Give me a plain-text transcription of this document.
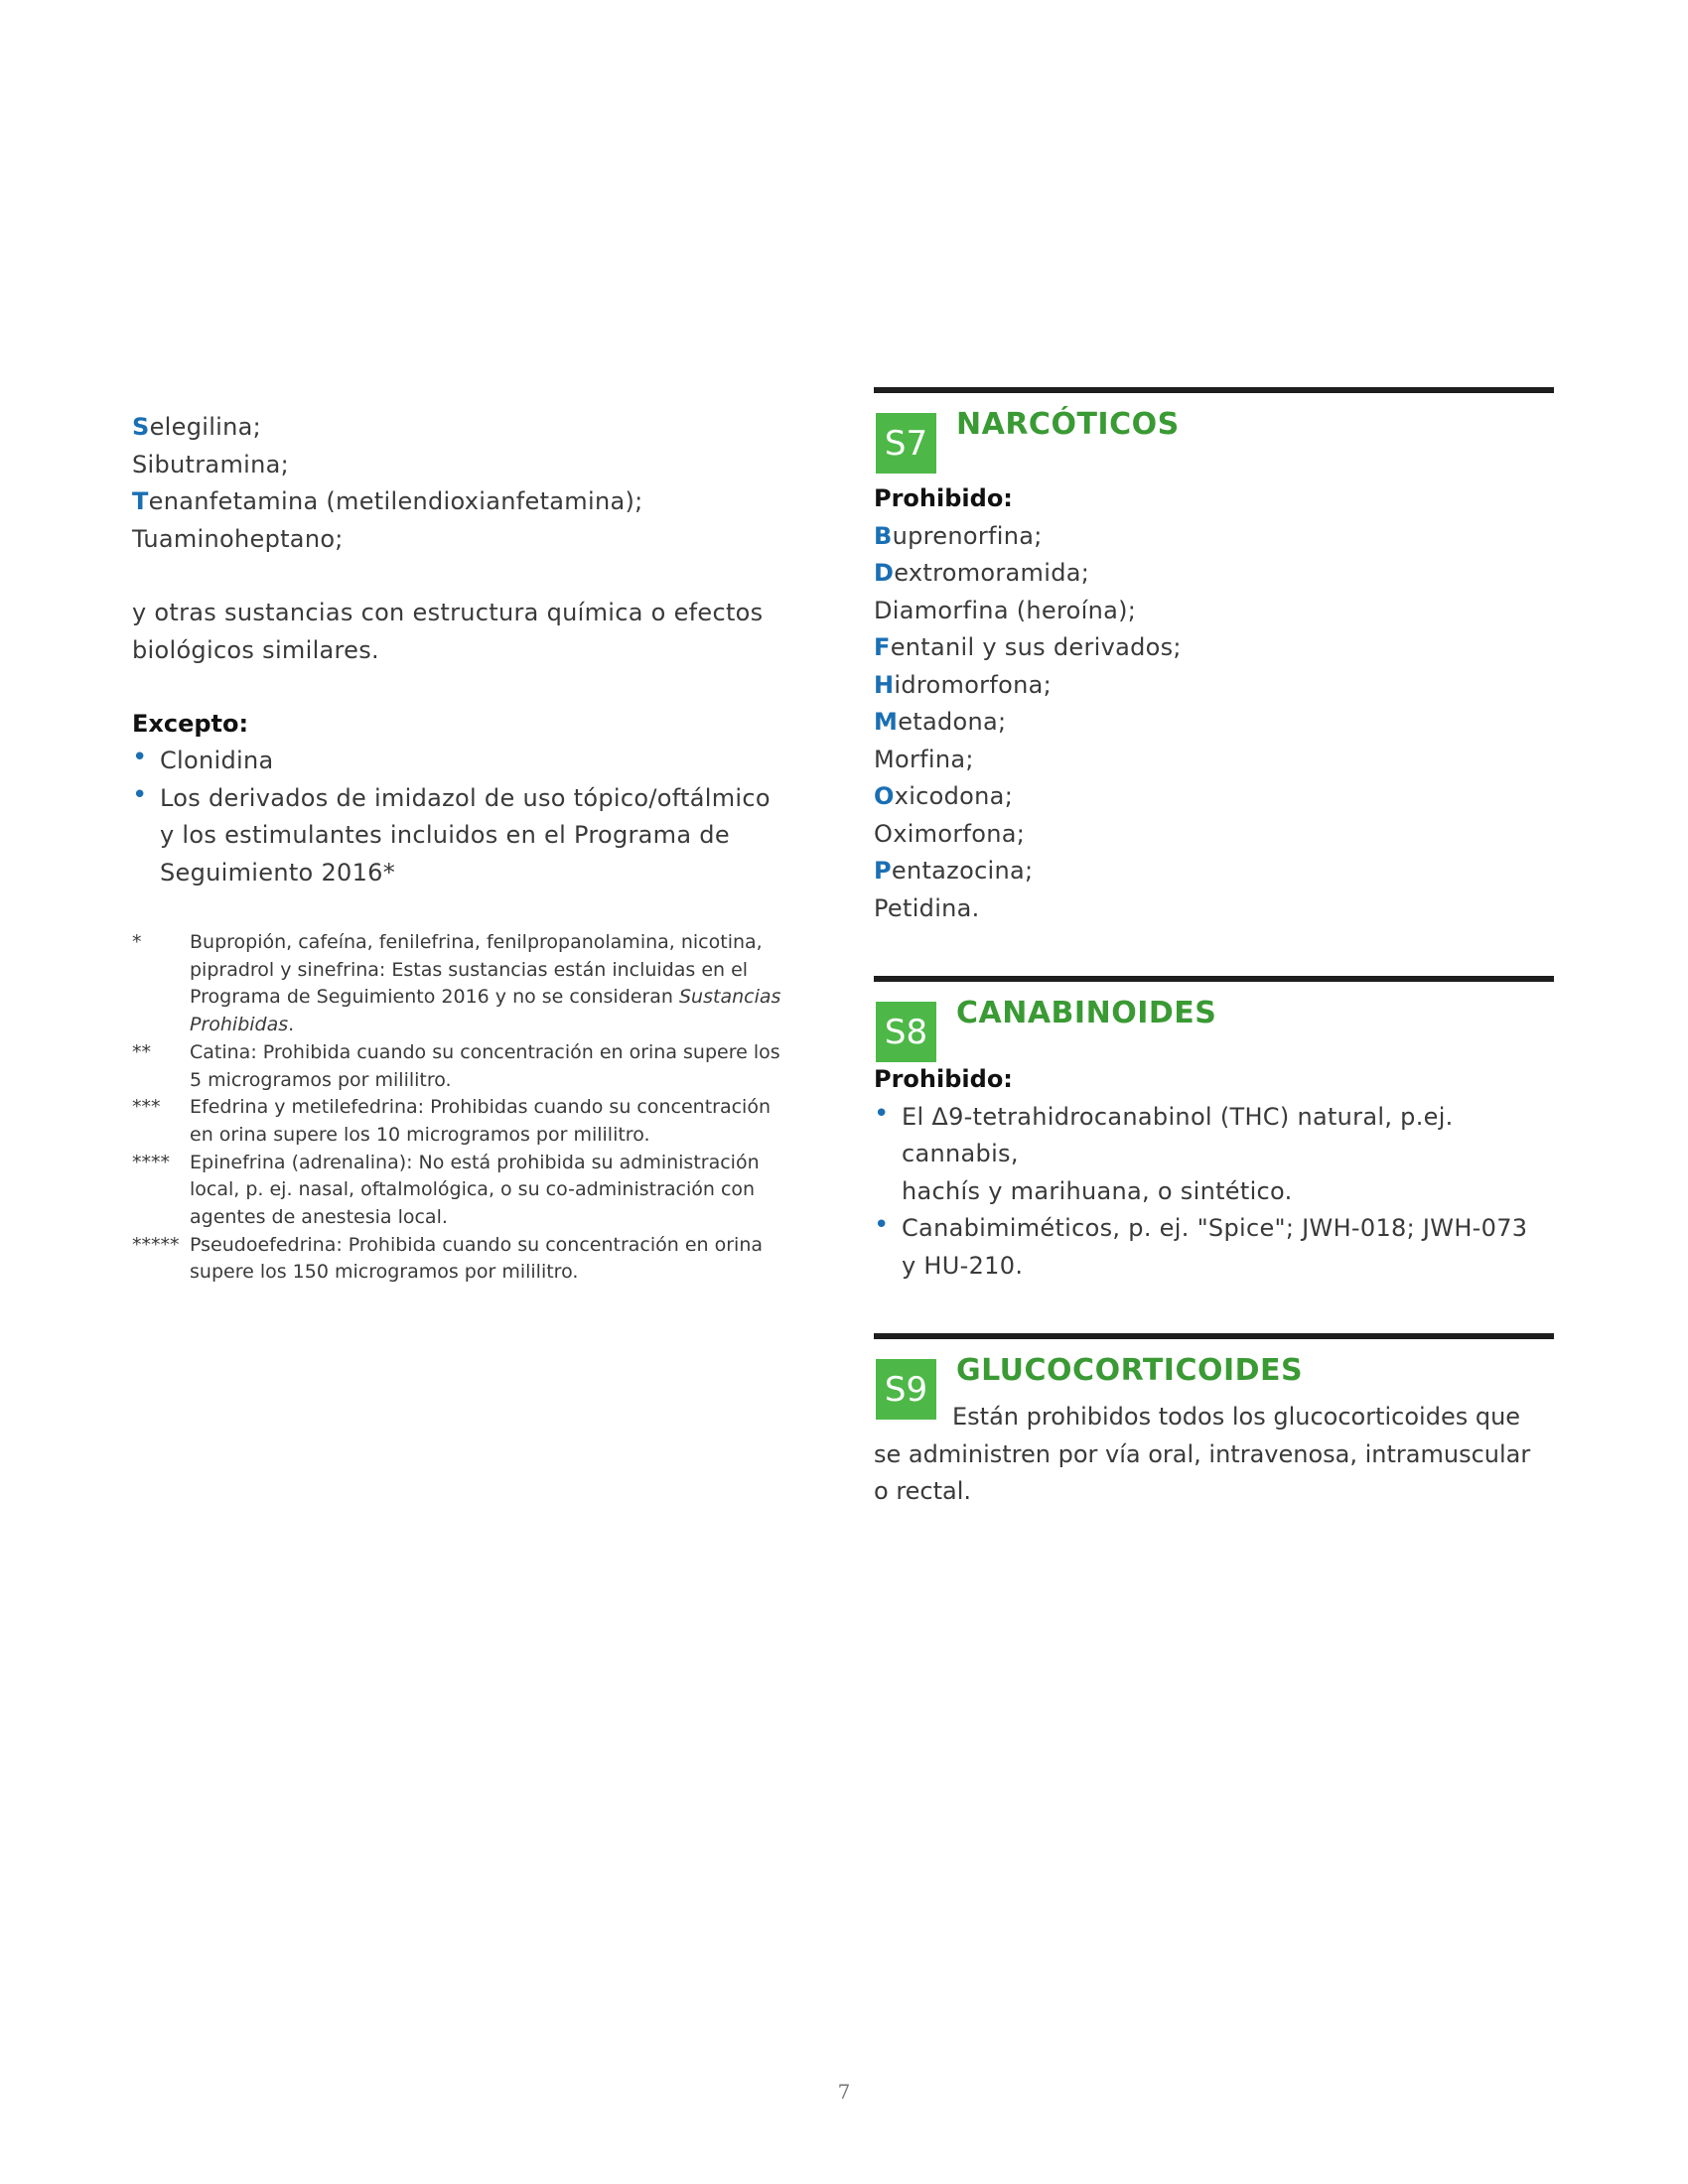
Selegilina;
Sibutramina;
Tenanfetamina (metilendioxianfetamina);
Tuaminoheptano;
y otras sustancias con estructura química o efectos
biológicos similares.
Excepto:
• Clonidina
• Los derivados de imidazol de uso tópico/oftálmico
y los estimulantes incluidos en el Programa de
Seguimiento 2016*
*	Bupropión, cafeína, fenilefrina, fenilpropanolamina, nicotina,
pipradrol y sinefrina: Estas sustancias están incluidas en el
Programa de Seguimiento 2016 y no se consideran Sustancias Prohibidas.
**	Catina: Prohibida cuando su concentración en orina supere los
5 microgramos por mililitro.
***	Efedrina y metilefedrina: Prohibidas cuando su concentración
en orina supere los 10 microgramos por mililitro.
****	Epinefrina (adrenalina): No está prohibida su administración
local, p. ej. nasal, oftalmológica, o su co-administración con
agentes de anestesia local.
***** Pseudoefedrina: Prohibida cuando su concentración en orina
supere los 150 microgramos por mililitro.
S7 NARCÓTICOS
Prohibido:
Buprenorfina;
Dextromoramida;
Diamorfina (heroína);
Fentanil y sus derivados;
Hidromorfona;
Metadona;
Morfina;
Oxicodona;
Oximorfona;
Pentazocina;
Petidina.
S8 CANABINOIDES
Prohibido:
• El Δ9-tetrahidrocanabinol (THC) natural, p.ej. cannabis,
hachís y marihuana, o sintético.
• Canabimiméticos, p. ej. "Spice"; JWH-018; JWH-073
y HU-210.
S9 GLUCOCORTICOIDES
Están prohibidos todos los glucocorticoides que
se administren por vía oral, intravenosa, intramuscular
o rectal.
7
